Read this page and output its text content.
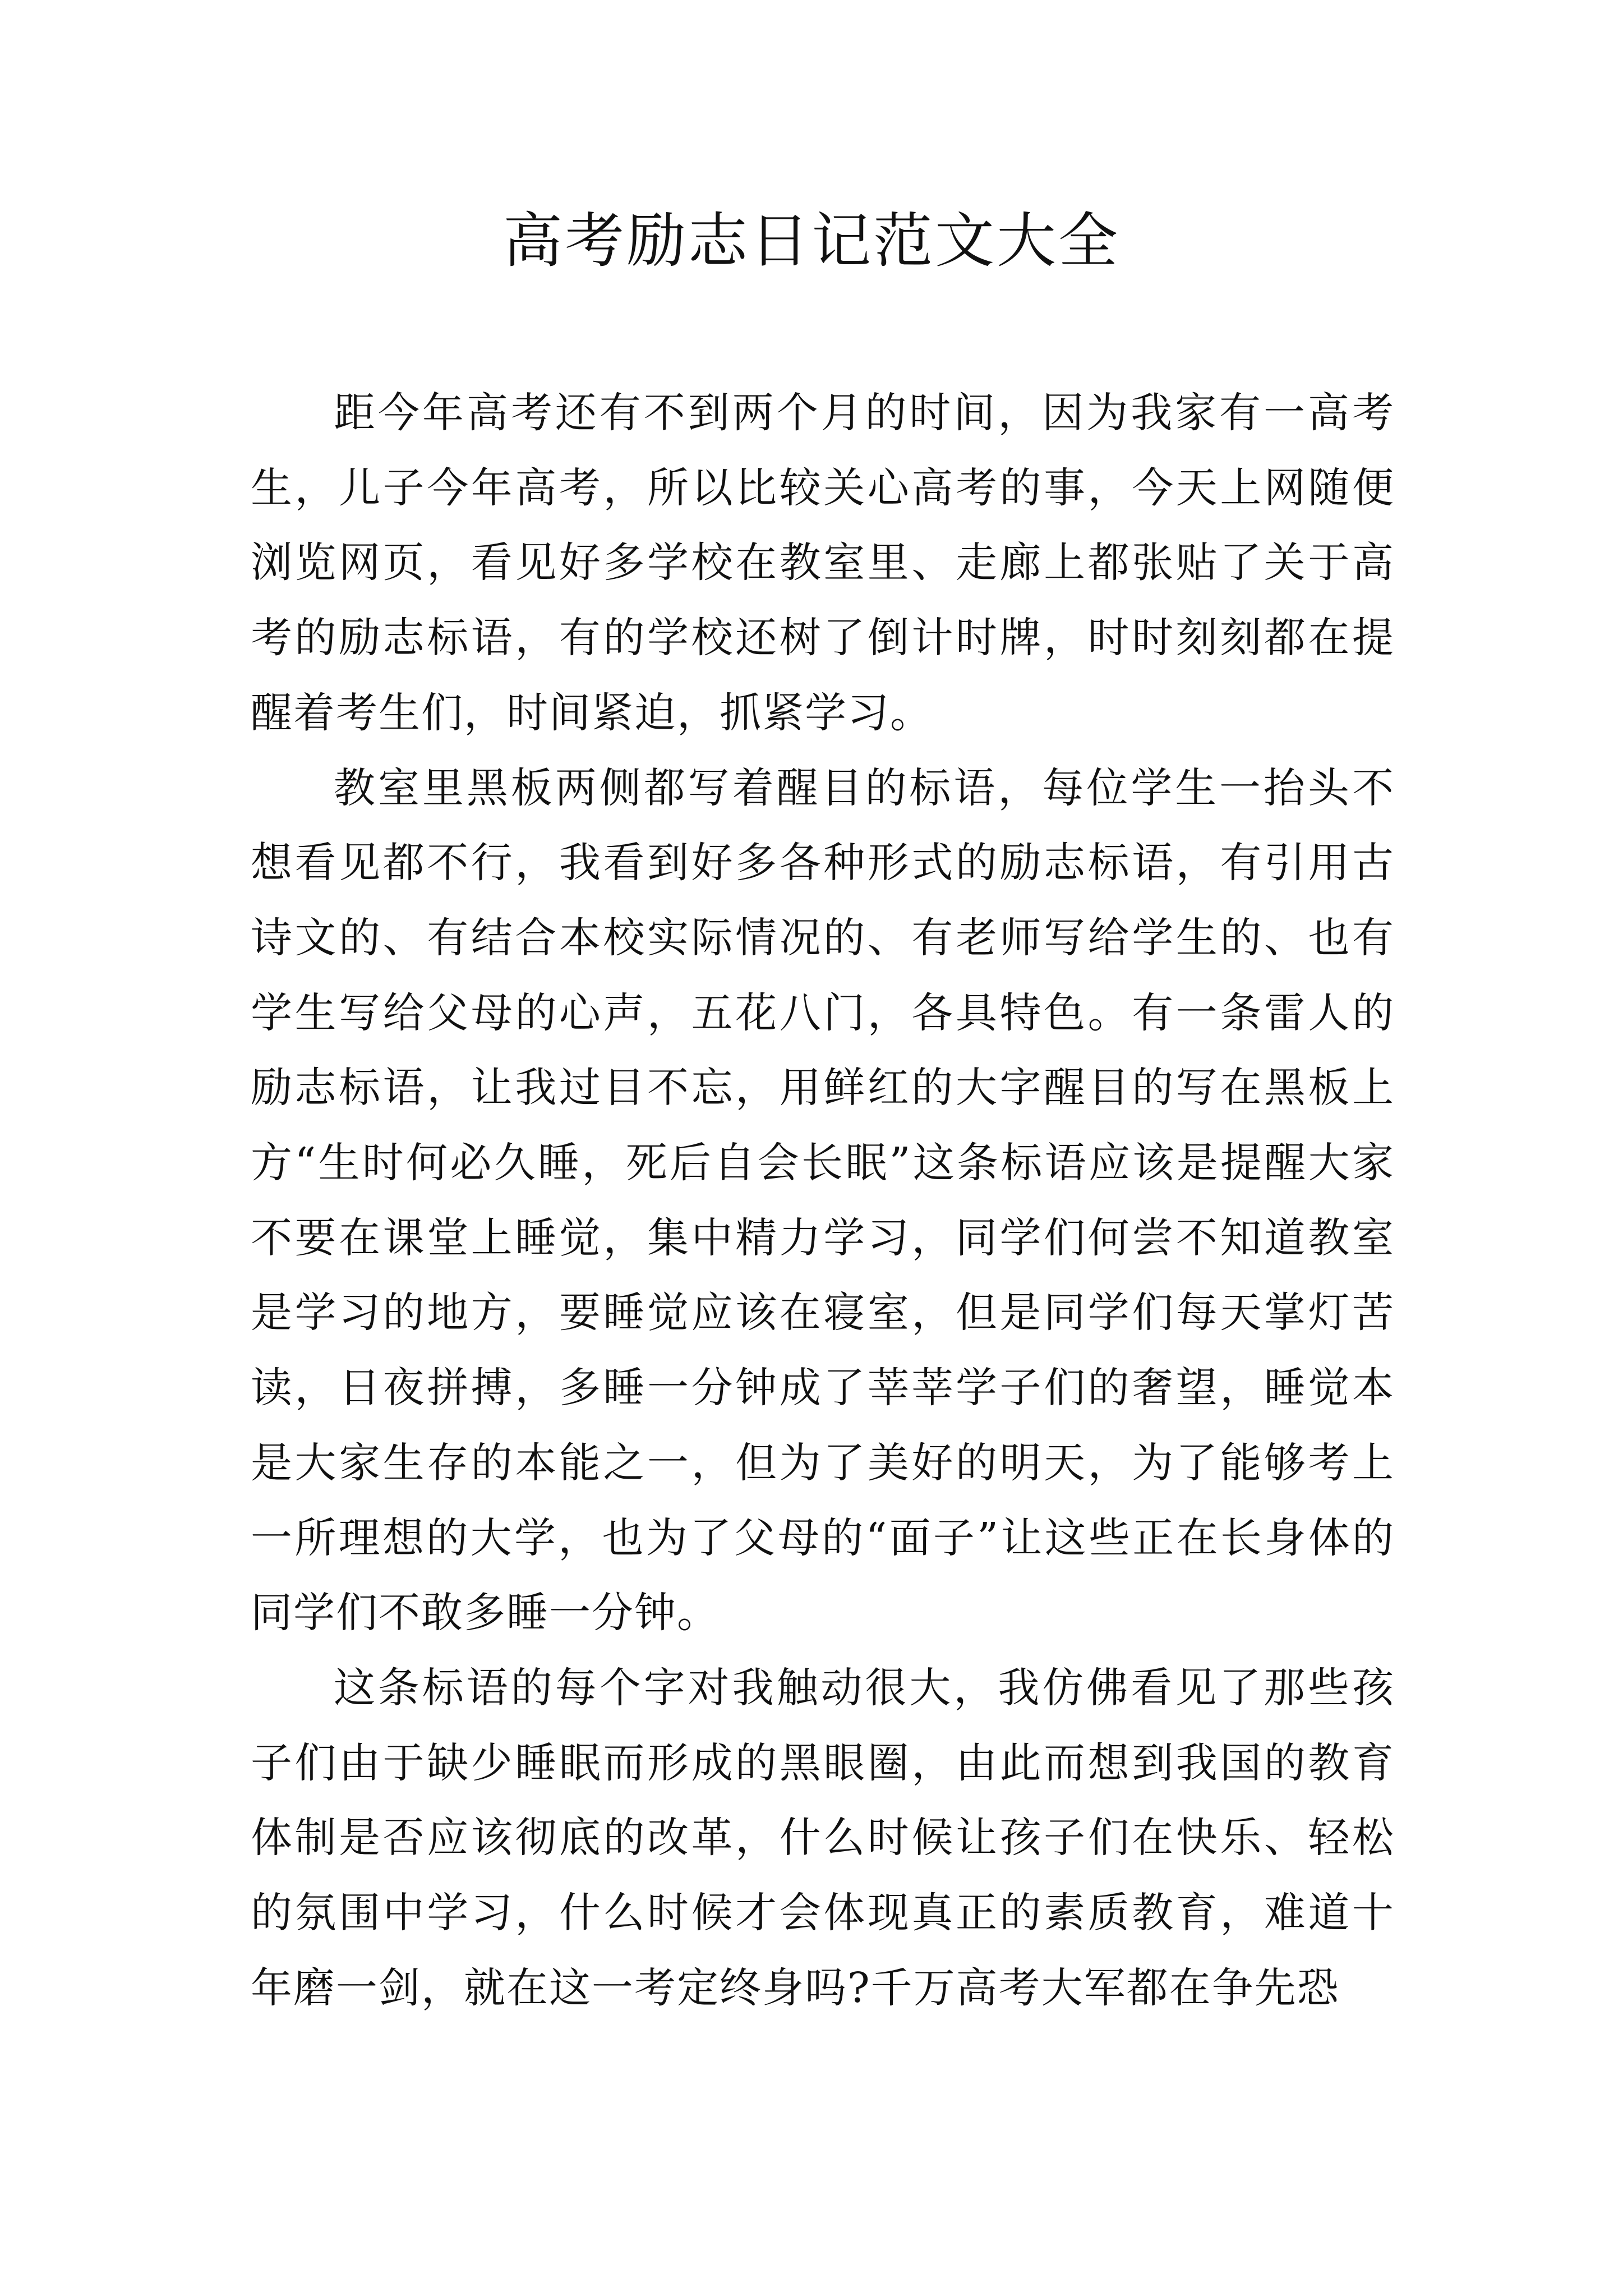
高考励志日记范文大全

距今年高考还有不到两个月的时间，因为我家有一高考生，儿子今年高考，所以比较关心高考的事，今天上网随便浏览网页，看见好多学校在教室里、走廊上都张贴了关于高考的励志标语，有的学校还树了倒计时牌，时时刻刻都在提醒着考生们，时间紧迫，抓紧学习。

教室里黑板两侧都写着醒目的标语，每位学生一抬头不想看见都不行，我看到好多各种形式的励志标语，有引用古诗文的、有结合本校实际情况的、有老师写给学生的、也有学生写给父母的心声，五花八门，各具特色。有一条雷人的励志标语，让我过目不忘，用鲜红的大字醒目的写在黑板上方“生时何必久睡，死后自会长眠”这条标语应该是提醒大家不要在课堂上睡觉，集中精力学习，同学们何尝不知道教室是学习的地方，要睡觉应该在寝室，但是同学们每天掌灯苦读，日夜拼搏，多睡一分钟成了莘莘学子们的奢望，睡觉本是大家生存的本能之一，但为了美好的明天，为了能够考上一所理想的大学，也为了父母的“面子”让这些正在长身体的同学们不敢多睡一分钟。

这条标语的每个字对我触动很大，我仿佛看见了那些孩子们由于缺少睡眠而形成的黑眼圈，由此而想到我国的教育体制是否应该彻底的改革，什么时候让孩子们在快乐、轻松的氛围中学习，什么时候才会体现真正的素质教育，难道十年磨一剑，就在这一考定终身吗?千万高考大军都在争先恐
